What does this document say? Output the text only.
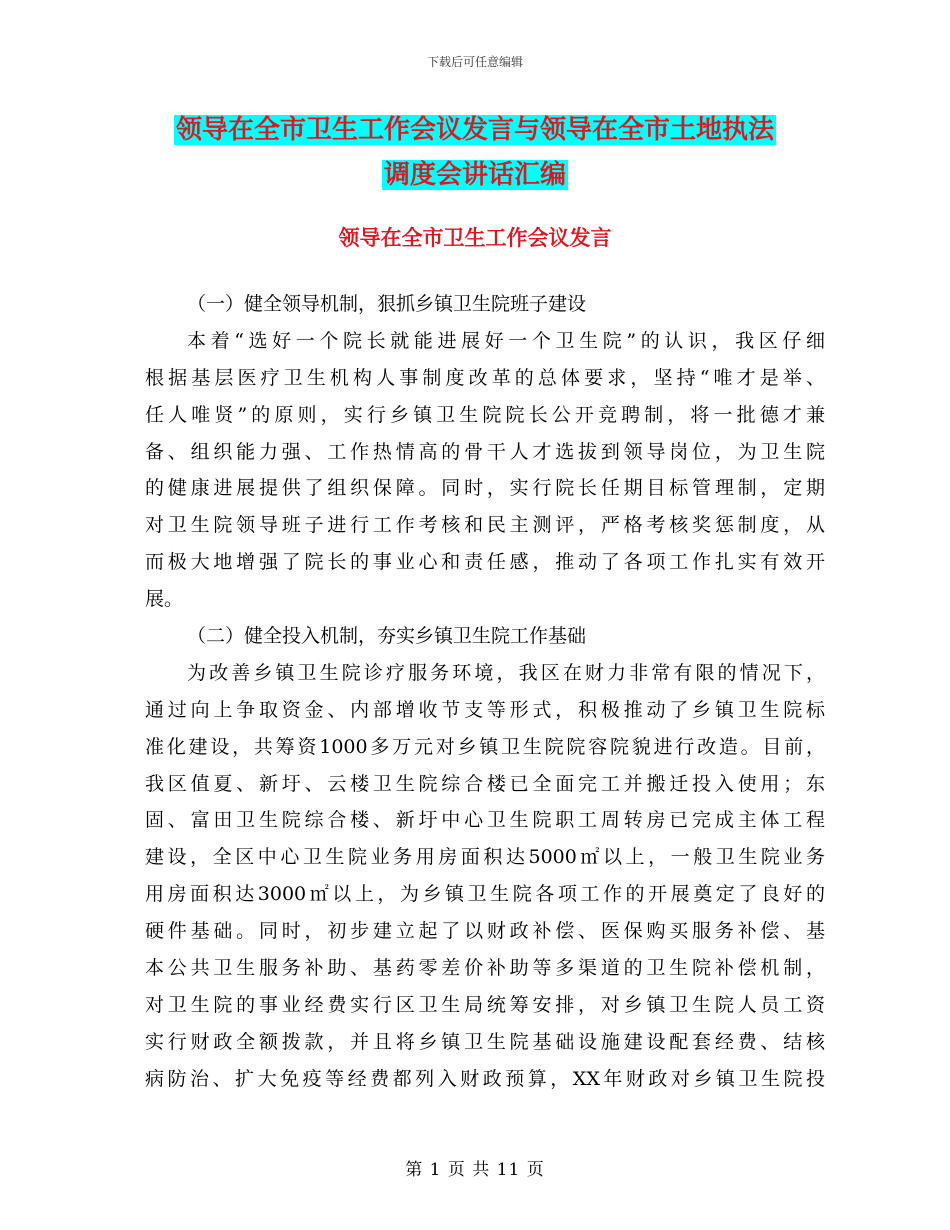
下载后可任意编辑
领导在全市卫生工作会议发言与领导在全市土地执法
调度会讲话汇编
领导在全市卫生工作会议发言
（一）健全领导机制，狠抓乡镇卫生院班子建设
本着“选好一个院长就能进展好一个卫生院”的认识，我区仔细
根据基层医疗卫生机构人事制度改革的总体要求，坚持“唯才是举、
任人唯贤”的原则，实行乡镇卫生院院长公开竞聘制，将一批德才兼
备、组织能力强、工作热情高的骨干人才选拔到领导岗位，为卫生院
的健康进展提供了组织保障。同时，实行院长任期目标管理制，定期
对卫生院领导班子进行工作考核和民主测评，严格考核奖惩制度，从
而极大地增强了院长的事业心和责任感，推动了各项工作扎实有效开
展。
（二）健全投入机制，夯实乡镇卫生院工作基础
为改善乡镇卫生院诊疗服务环境，我区在财力非常有限的情况下，
通过向上争取资金、内部增收节支等形式，积极推动了乡镇卫生院标
准化建设，共筹资1000多万元对乡镇卫生院院容院貌进行改造。目前，
我区值夏、新圩、云楼卫生院综合楼已全面完工并搬迁投入使用；东
固、富田卫生院综合楼、新圩中心卫生院职工周转房已完成主体工程
建设，全区中心卫生院业务用房面积达5000㎡以上，一般卫生院业务
用房面积达3000㎡以上，为乡镇卫生院各项工作的开展奠定了良好的
硬件基础。同时，初步建立起了以财政补偿、医保购买服务补偿、基
本公共卫生服务补助、基药零差价补助等多渠道的卫生院补偿机制，
对卫生院的事业经费实行区卫生局统筹安排，对乡镇卫生院人员工资
实行财政全额拨款，并且将乡镇卫生院基础设施建设配套经费、结核
病防治、扩大免疫等经费都列入财政预算，XX年财政对乡镇卫生院投
第 1 页 共 11 页
